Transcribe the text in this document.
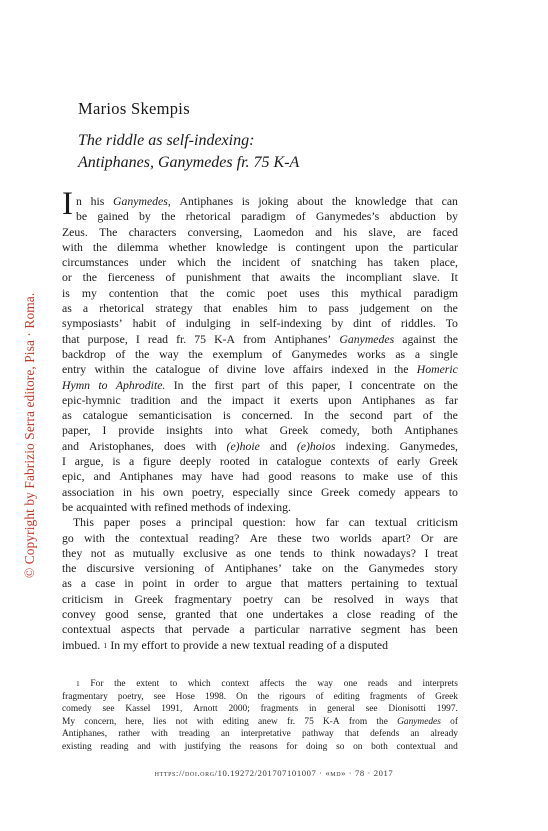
© Copyright by Fabrizio Serra editore, Pisa · Roma.
Marios Skempis
The riddle as self-indexing:
Antiphanes, Ganymedes fr. 75 K-A
I n his Ganymedes, Antiphanes is joking about the knowledge that can
be gained by the rhetorical paradigm of Ganymedes’s abduction by
Zeus. The characters conversing, Laomedon and his slave, are faced
with the dilemma whether knowledge is contingent upon the particular
circumstances under which the incident of snatching has taken place,
or the fierceness of punishment that awaits the incompliant slave. It
is my contention that the comic poet uses this mythical paradigm
as a rhetorical strategy that enables him to pass judgement on the
symposiasts’ habit of indulging in self-indexing by dint of riddles. To
that purpose, I read fr. 75 K-A from Antiphanes’ Ganymedes against the
backdrop of the way the exemplum of Ganymedes works as a single
entry within the catalogue of divine love affairs indexed in the Homeric
Hymn to Aphrodite. In the first part of this paper, I concentrate on the
epic-hymnic tradition and the impact it exerts upon Antiphanes as far
as catalogue semanticisation is concerned. In the second part of the
paper, I provide insights into what Greek comedy, both Antiphanes
and Aristophanes, does with (e)hoie and (e)hoios indexing. Ganymedes,
I argue, is a figure deeply rooted in catalogue contexts of early Greek
epic, and Antiphanes may have had good reasons to make use of this
association in his own poetry, especially since Greek comedy appears to
be acquainted with refined methods of indexing.
This paper poses a principal question: how far can textual criticism
go with the contextual reading? Are these two worlds apart? Or are
they not as mutually exclusive as one tends to think nowadays? I treat
the discursive versioning of Antiphanes’ take on the Ganymedes story
as a case in point in order to argue that matters pertaining to textual
criticism in Greek fragmentary poetry can be resolved in ways that
convey good sense, granted that one undertakes a close reading of the
contextual aspects that pervade a particular narrative segment has been
imbued. 1 In my effort to provide a new textual reading of a disputed
1 For the extent to which context affects the way one reads and interprets
fragmentary poetry, see Hose 1998. On the rigours of editing fragments of Greek
comedy see Kassel 1991, Arnott 2000; fragments in general see Dionisotti 1997.
My concern, here, lies not with editing anew fr. 75 K-A from the Ganymedes of
Antiphanes, rather with treading an interpretative pathway that defends an already
existing reading and with justifying the reasons for doing so on both contextual and
https://doi.org/10.19272/201707101007 · «md» · 78 · 2017
